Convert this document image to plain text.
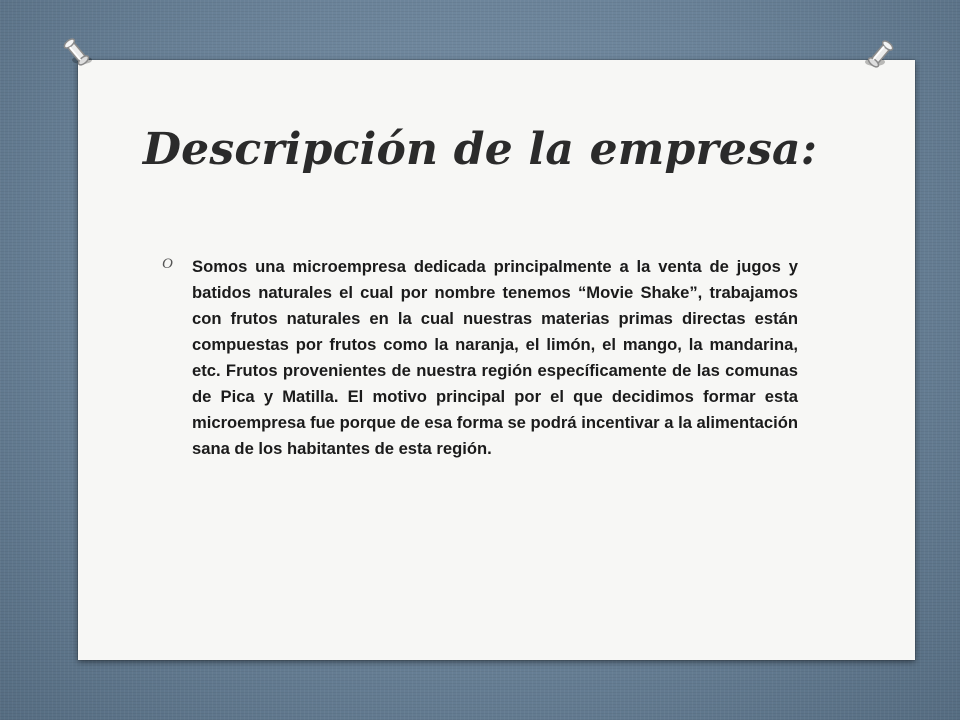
Descripción de la empresa:
O	Somos una microempresa dedicada principalmente a la venta de jugos y batidos naturales el cual por nombre tenemos “Movie Shake”, trabajamos con frutos naturales en la cual nuestras materias primas directas están compuestas por frutos como la naranja, el limón, el mango, la mandarina, etc. Frutos provenientes de nuestra región específicamente de las comunas de Pica y Matilla. El motivo principal por el que decidimos formar esta microempresa fue porque de esa forma se podrá incentivar a la alimentación sana de los habitantes de esta región.
